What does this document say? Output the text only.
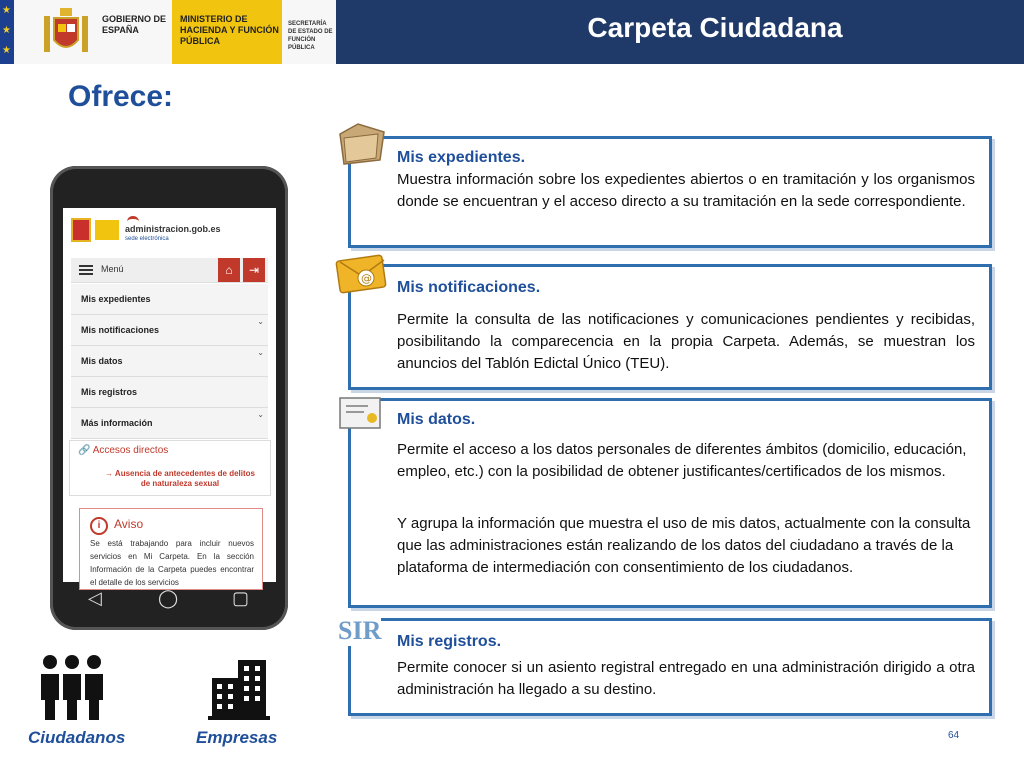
★
★
★
GOBIERNO DE ESPAÑA
MINISTERIO DE HACIENDA Y FUNCIÓN PÚBLICA
SECRETARÍA DE ESTADO DE FUNCIÓN PÚBLICA
Carpeta Ciudadana
Ofrece:
administracion.gob.es
sede electrónica
Menú	⌂	⇥
Mis expedientes
Mis notificaciones
⌄
Mis datos
⌄
Mis registros
Más información
⌄
🔗 Accesos directos
→ Ausencia de antecedentes de delitos de naturaleza sexual
i	Aviso
Se está trabajando para incluir nuevos servicios en Mi Carpeta. En la sección Información de la Carpeta puedes encontrar el detalle de los servicios
◁	◯	▢
Ciudadanos	Empresas
Mis expedientes.
Muestra información sobre los expedientes abiertos o en tramitación y los organismos donde se encuentran y el acceso directo a su tramitación en la sede correspondiente.
Mis notificaciones.
Permite la consulta de las notificaciones y comunicaciones pendientes y recibidas, posibilitando la comparecencia en la propia Carpeta. Además, se muestran los anuncios del Tablón Edictal Único (TEU).
@
Mis datos.
Permite el acceso a los datos personales de diferentes ámbitos (domicilio, educación, empleo, etc.) con la posibilidad de obtener justificantes/certificados de los mismos.
Y agrupa la información que muestra el uso de mis datos, actualmente con la consulta que las administraciones están realizando de los datos del ciudadano a través de la plataforma de intermediación con consentimiento de los ciudadanos.
Mis registros.
Permite conocer si un asiento registral entregado en una administración dirigido a otra administración ha llegado a su destino.
SIR
64
